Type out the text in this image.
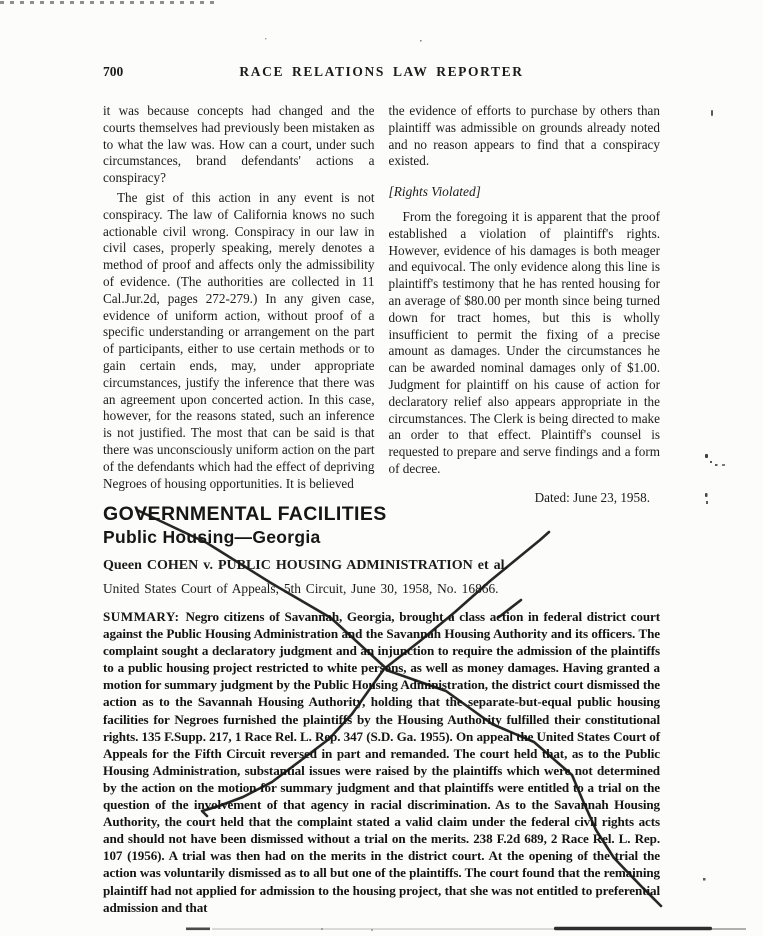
700	RACE RELATIONS LAW REPORTER

it was because concepts had changed and the courts themselves had previously been mistaken as to what the law was. How can a court, under such circumstances, brand defendants' actions a conspiracy?

The gist of this action in any event is not conspiracy. The law of California knows no such actionable civil wrong. Conspiracy in our law in civil cases, properly speaking, merely denotes a method of proof and affects only the admissibility of evidence. (The authorities are collected in 11 Cal.Jur.2d, pages 272-279.) In any given case, evidence of uniform action, without proof of a specific understanding or arrangement on the part of participants, either to use certain methods or to gain certain ends, may, under appropriate circumstances, justify the inference that there was an agreement upon concerted action. In this case, however, for the reasons stated, such an inference is not justified. The most that can be said is that there was unconsciously uniform action on the part of the defendants which had the effect of depriving Negroes of housing opportunities. It is believed

the evidence of efforts to purchase by others than plaintiff was admissible on grounds already noted and no reason appears to find that a conspiracy existed.

[Rights Violated]

From the foregoing it is apparent that the proof established a violation of plaintiff's rights. However, evidence of his damages is both meager and equivocal. The only evidence along this line is plaintiff's testimony that he has rented housing for an average of $80.00 per month since being turned down for tract homes, but this is wholly insufficient to permit the fixing of a precise amount as damages. Under the circumstances he can be awarded nominal damages only of $1.00. Judgment for plaintiff on his cause of action for declaratory relief also appears appropriate in the circumstances. The Clerk is being directed to make an order to that effect. Plaintiff's counsel is requested to prepare and serve findings and a form of decree.

Dated: June 23, 1958.

GOVERNMENTAL FACILITIES
Public Housing—Georgia

Queen COHEN v. PUBLIC HOUSING ADMINISTRATION et al.

United States Court of Appeals, 5th Circuit, June 30, 1958, No. 16866.

SUMMARY: Negro citizens of Savannah, Georgia, brought a class action in federal district court against the Public Housing Administration and the Savannah Housing Authority and its officers. The complaint sought a declaratory judgment and an injunction to require the admission of the plaintiffs to a public housing project restricted to white persons, as well as money damages. Having granted a motion for summary judgment by the Public Housing Administration, the district court dismissed the action as to the Savannah Housing Authority, holding that the separate-but-equal public housing facilities for Negroes furnished the plaintiffs by the Housing Authority fulfilled their constitutional rights. 135 F.Supp. 217, 1 Race Rel. L. Rep. 347 (S.D. Ga. 1955). On appeal the United States Court of Appeals for the Fifth Circuit reversed in part and remanded. The court held that, as to the Public Housing Administration, substantial issues were raised by the plaintiffs which were not determined by the action on the motion for summary judgment and that plaintiffs were entitled to a trial on the question of the involvement of that agency in racial discrimination. As to the Savannah Housing Authority, the court held that the complaint stated a valid claim under the federal civil rights acts and should not have been dismissed without a trial on the merits. 238 F.2d 689, 2 Race Rel. L. Rep. 107 (1956). A trial was then had on the merits in the district court. At the opening of the trial the action was voluntarily dismissed as to all but one of the plaintiffs. The court found that the remaining plaintiff had not applied for admission to the housing project, that she was not entitled to preferential admission and that
